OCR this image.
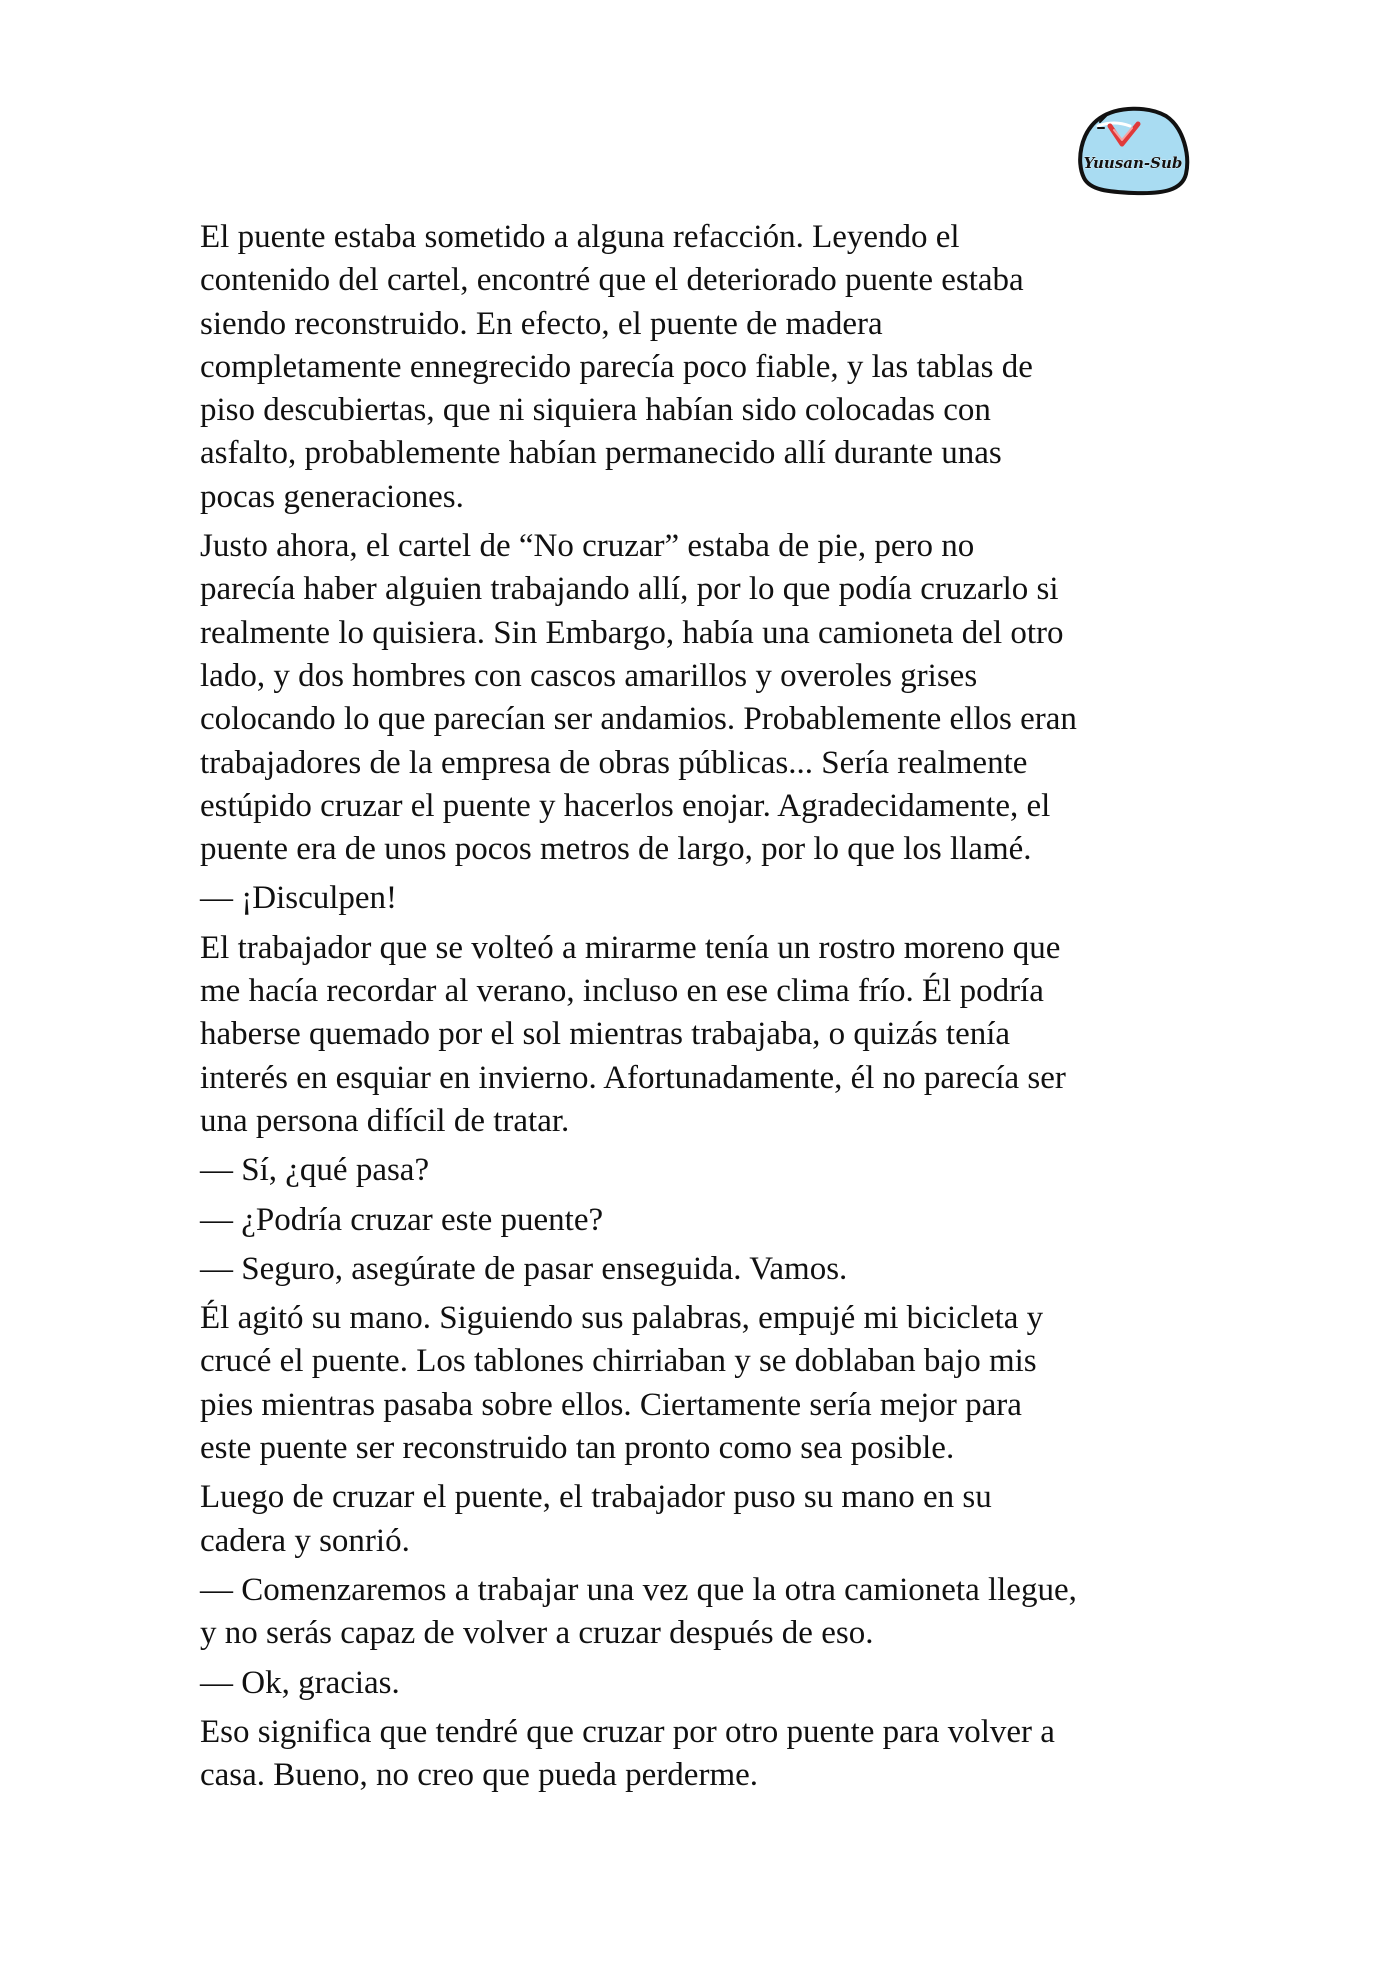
Yuusan-Sub

El puente estaba sometido a alguna refacción. Leyendo el
contenido del cartel, encontré que el deteriorado puente estaba
siendo reconstruido. En efecto, el puente de madera
completamente ennegrecido parecía poco fiable, y las tablas de
piso descubiertas, que ni siquiera habían sido colocadas con
asfalto, probablemente habían permanecido allí durante unas
pocas generaciones.

Justo ahora, el cartel de “No cruzar” estaba de pie, pero no
parecía haber alguien trabajando allí, por lo que podía cruzarlo si
realmente lo quisiera. Sin Embargo, había una camioneta del otro
lado, y dos hombres con cascos amarillos y overoles grises
colocando lo que parecían ser andamios. Probablemente ellos eran
trabajadores de la empresa de obras públicas... Sería realmente
estúpido cruzar el puente y hacerlos enojar. Agradecidamente, el
puente era de unos pocos metros de largo, por lo que los llamé.

— ¡Disculpen!

El trabajador que se volteó a mirarme tenía un rostro moreno que
me hacía recordar al verano, incluso en ese clima frío. Él podría
haberse quemado por el sol mientras trabajaba, o quizás tenía
interés en esquiar en invierno. Afortunadamente, él no parecía ser
una persona difícil de tratar.

— Sí, ¿qué pasa?

— ¿Podría cruzar este puente?

— Seguro, asegúrate de pasar enseguida. Vamos.

Él agitó su mano. Siguiendo sus palabras, empujé mi bicicleta y
crucé el puente. Los tablones chirriaban y se doblaban bajo mis
pies mientras pasaba sobre ellos. Ciertamente sería mejor para
este puente ser reconstruido tan pronto como sea posible.

Luego de cruzar el puente, el trabajador puso su mano en su
cadera y sonrió.

— Comenzaremos a trabajar una vez que la otra camioneta llegue,
y no serás capaz de volver a cruzar después de eso.

— Ok, gracias.

Eso significa que tendré que cruzar por otro puente para volver a
casa. Bueno, no creo que pueda perderme.
